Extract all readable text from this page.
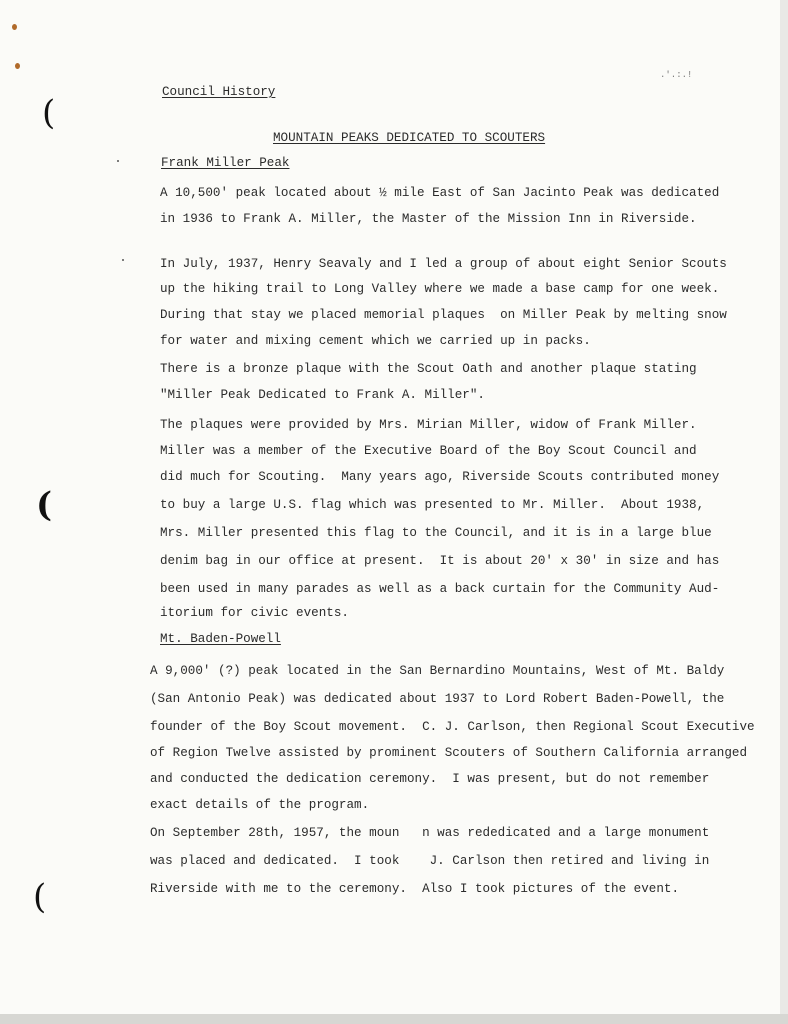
(
(
(
.'.:.!
Council History
MOUNTAIN PEAKS DEDICATED TO SCOUTERS
Frank Miller Peak
A 10,500' peak located about ½ mile East of San Jacinto Peak was dedicated
in 1936 to Frank A. Miller, the Master of the Mission Inn in Riverside.
In July, 1937, Henry Seavaly and I led a group of about eight Senior Scouts
up the hiking trail to Long Valley where we made a base camp for one week.
During that stay we placed memorial plaques  on Miller Peak by melting snow
for water and mixing cement which we carried up in packs.
There is a bronze plaque with the Scout Oath and another plaque stating
"Miller Peak Dedicated to Frank A. Miller".
The plaques were provided by Mrs. Mirian Miller, widow of Frank Miller.
Miller was a member of the Executive Board of the Boy Scout Council and
did much for Scouting.  Many years ago, Riverside Scouts contributed money
to buy a large U.S. flag which was presented to Mr. Miller.  About 1938,
Mrs. Miller presented this flag to the Council, and it is in a large blue
denim bag in our office at present.  It is about 20' x 30' in size and has
been used in many parades as well as a back curtain for the Community Aud-
itorium for civic events.
Mt. Baden-Powell
A 9,000' (?) peak located in the San Bernardino Mountains, West of Mt. Baldy
(San Antonio Peak) was dedicated about 1937 to Lord Robert Baden-Powell, the
founder of the Boy Scout movement.  C. J. Carlson, then Regional Scout Executive
of Region Twelve assisted by prominent Scouters of Southern California arranged
and conducted the dedication ceremony.  I was present, but do not remember
exact details of the program.
On September 28th, 1957, the moun   n was rededicated and a large monument
was placed and dedicated.  I took    J. Carlson then retired and living in
Riverside with me to the ceremony.  Also I took pictures of the event.
